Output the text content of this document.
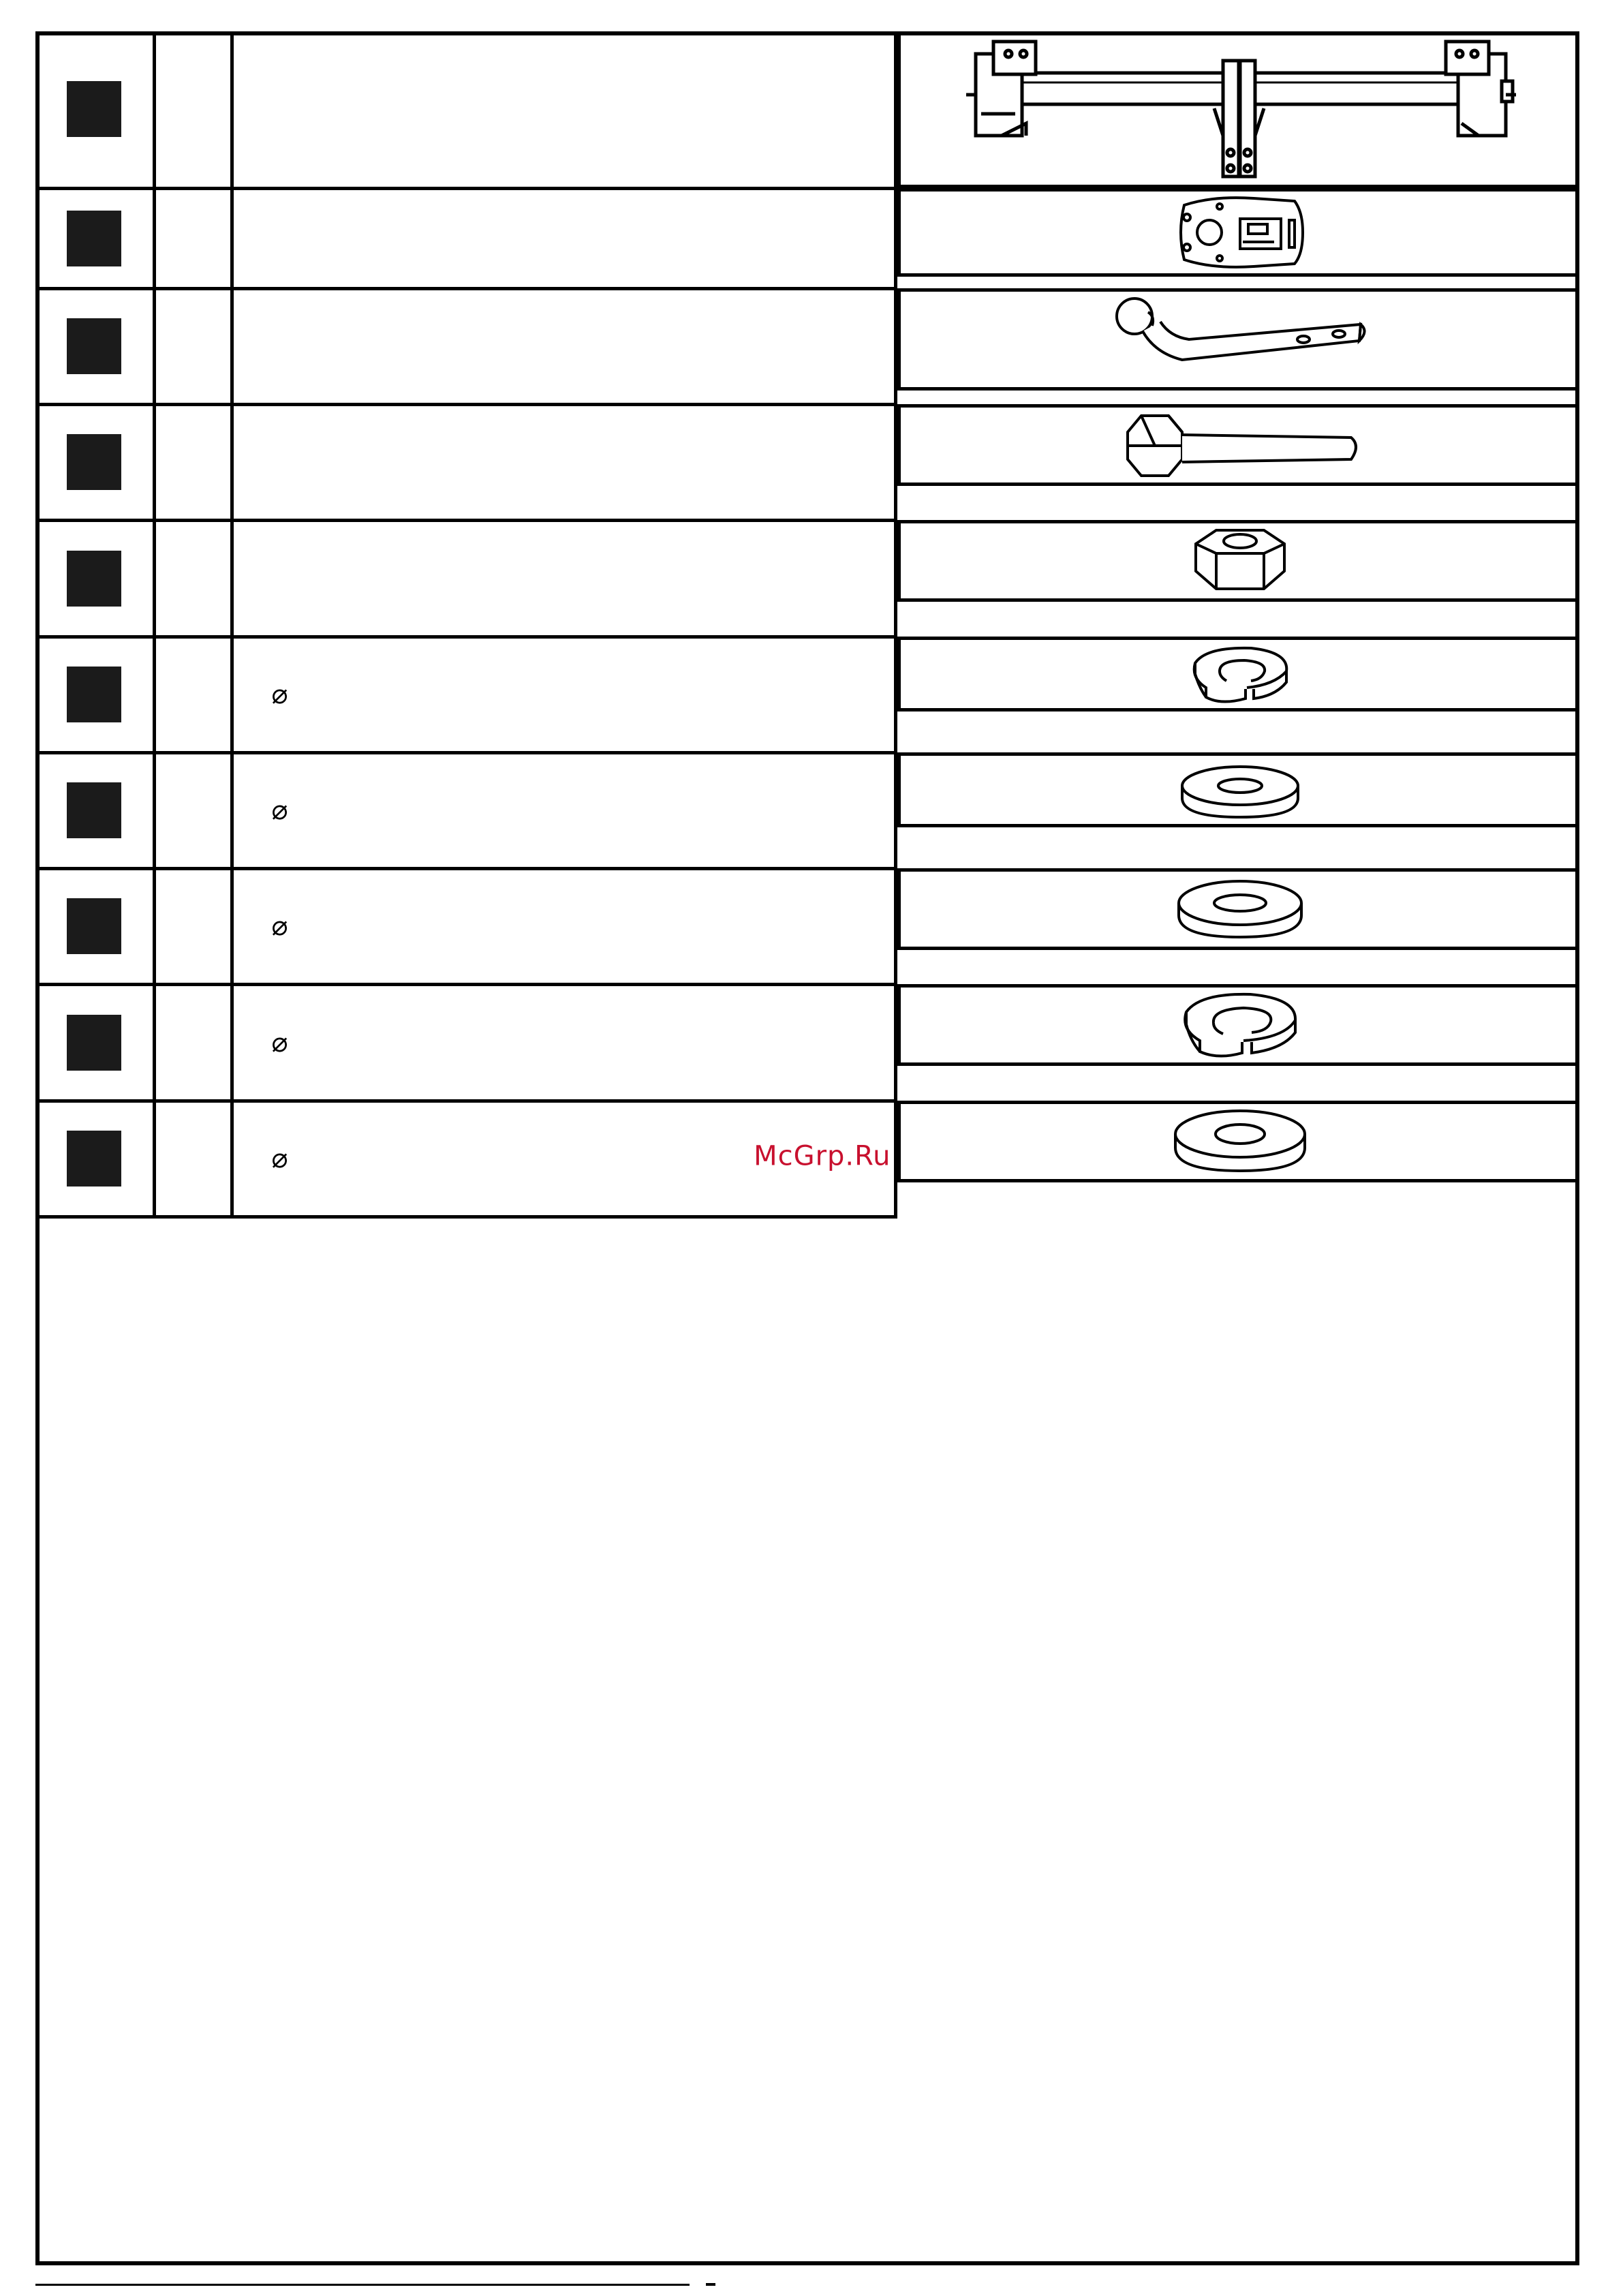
		⌀	

		⌀	

		⌀	

		⌀	

		⌀ McGrp.Ru
